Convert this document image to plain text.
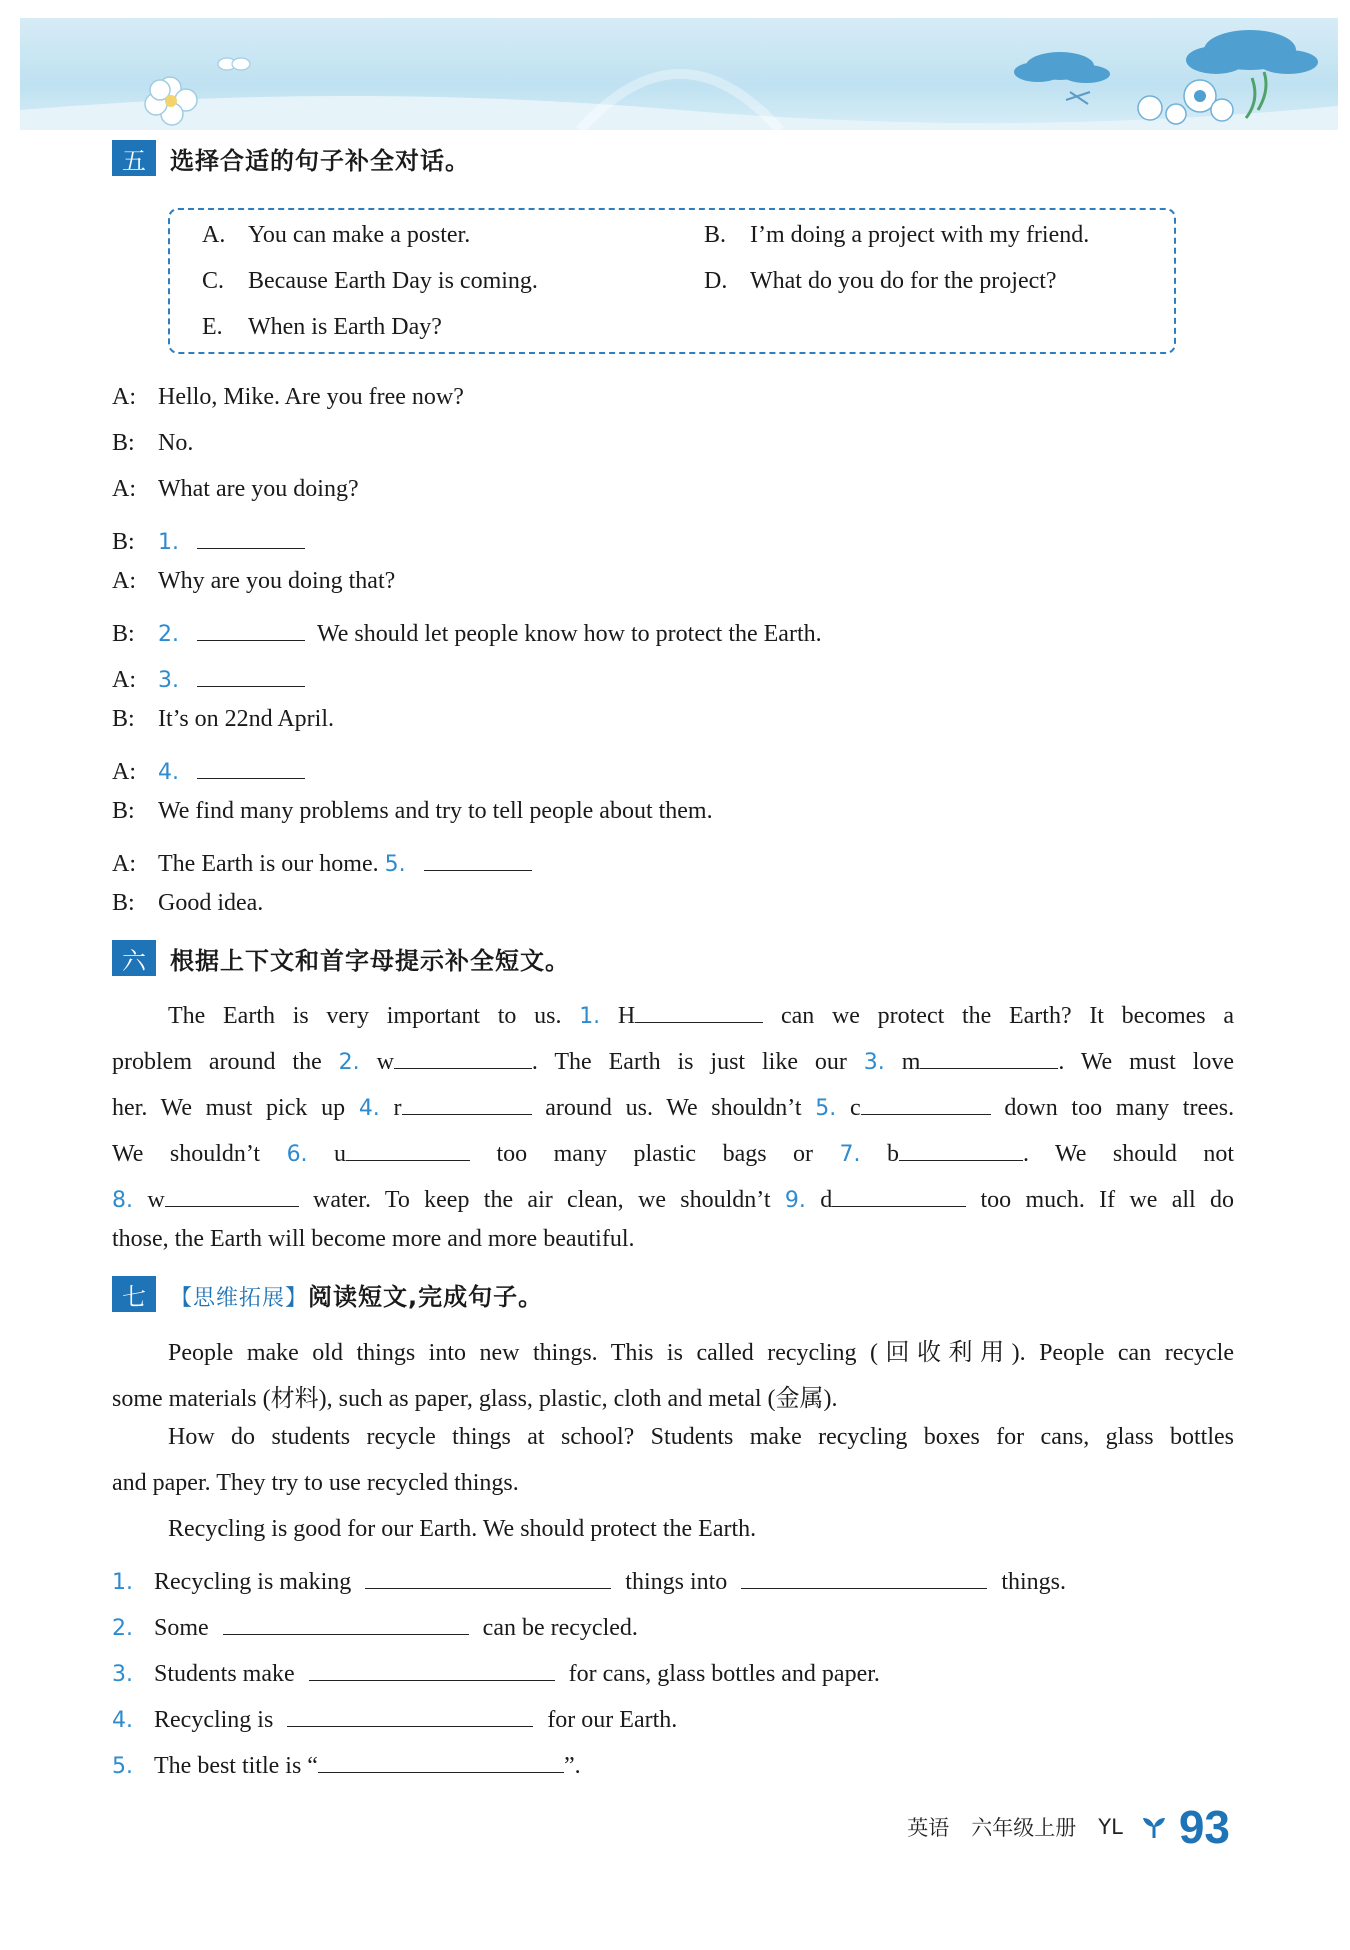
五	选择合适的句子补全对话。
A. You can make a poster.	B. I’m doing a project with my friend.
C. Because Earth Day is coming.	D. What do you do for the project?
E. When is Earth Day?
A: Hello, Mike. Are you free now?
B: No.
A: What are you doing?
B: 1.
A: Why are you doing that?
B: 2.	We should let people know how to protect the Earth.
A: 3.
B: It’s on 22nd April.
A: 4.
B: We find many problems and try to tell people about them.
A: The Earth is our home. 5.
B: Good idea.
六	根据上下文和首字母提示补全短文。
The Earth is very important to us. 1. H	can we protect the Earth? It becomes a
problem around the 2. w	. The Earth is just like our 3. m	. We must love
her. We must pick up 4. r	around us. We shouldn’t 5. c	down too many trees.
We shouldn’t 6. u	too many plastic bags or 7. b	. We should not
8. w	water. To keep the air clean, we shouldn’t 9. d	too much. If we all do
those, the Earth will become more and more beautiful.
七	【思维拓展】阅读短文,完成句子。
People make old things into new things. This is called recycling (回收利用). People can recycle
some materials (材料), such as paper, glass, plastic, cloth and metal (金属).
How do students recycle things at school? Students make recycling boxes for cans, glass bottles
and paper. They try to use recycled things.
Recycling is good for our Earth. We should protect the Earth.
1. Recycling is making	things into	things.
2. Some	can be recycled.
3. Students make	for cans, glass bottles and paper.
4. Recycling is	for our Earth.
5. The best title is “	”.
英语 六年级上册 YL 93
